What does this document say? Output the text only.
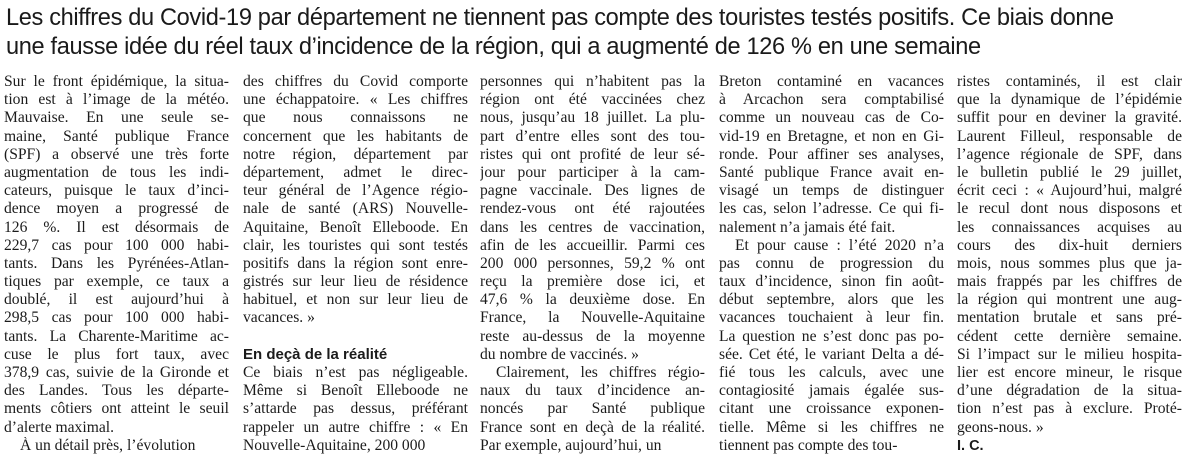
Les chiffres du Covid-19 par département ne tiennent pas compte des touristes testés positifs. Ce biais donne
une fausse idée du réel taux d’incidence de la région, qui a augmenté de 126 % en une semaine
Sur le front épidémique, la situa-
tion est à l’image de la météo.
Mauvaise. En une seule se-
maine, Santé publique France
(SPF) a observé une très forte
augmentation de tous les indi-
cateurs, puisque le taux d’inci-
dence moyen a progressé de
126 %. Il est désormais de
229,7 cas pour 100 000 habi-
tants. Dans les Pyrénées-Atlan-
tiques par exemple, ce taux a
doublé, il est aujourd’hui à
298,5 cas pour 100 000 habi-
tants. La Charente-Maritime ac-
cuse le plus fort taux, avec
378,9 cas, suivie de la Gironde et
des Landes. Tous les départe-
ments côtiers ont atteint le seuil
d’alerte maximal.
À un détail près, l’évolution
des chiffres du Covid comporte
une échappatoire. « Les chiffres
que nous connaissons ne
concernent que les habitants de
notre région, département par
département, admet le direc-
teur général de l’Agence régio-
nale de santé (ARS) Nouvelle-
Aquitaine, Benoît Elleboode. En
clair, les touristes qui sont testés
positifs dans la région sont enre-
gistrés sur leur lieu de résidence
habituel, et non sur leur lieu de
vacances. »
En deçà de la réalité
Ce biais n’est pas négligeable.
Même si Benoît Elleboode ne
s’attarde pas dessus, préférant
rappeler un autre chiffre : « En
Nouvelle-Aquitaine, 200 000
personnes qui n’habitent pas la
région ont été vaccinées chez
nous, jusqu’au 18 juillet. La plu-
part d’entre elles sont des tou-
ristes qui ont profité de leur sé-
jour pour participer à la cam-
pagne vaccinale. Des lignes de
rendez-vous ont été rajoutées
dans les centres de vaccination,
afin de les accueillir. Parmi ces
200 000 personnes, 59,2 % ont
reçu la première dose ici, et
47,6 % la deuxième dose. En
France, la Nouvelle-Aquitaine
reste au-dessus de la moyenne
du nombre de vaccinés. »
Clairement, les chiffres régio-
naux du taux d’incidence an-
noncés par Santé publique
France sont en deçà de la réalité.
Par exemple, aujourd’hui, un
Breton contaminé en vacances
à Arcachon sera comptabilisé
comme un nouveau cas de Co-
vid-19 en Bretagne, et non en Gi-
ronde. Pour affiner ses analyses,
Santé publique France avait en-
visagé un temps de distinguer
les cas, selon l’adresse. Ce qui fi-
nalement n’a jamais été fait.
Et pour cause : l’été 2020 n’a
pas connu de progression du
taux d’incidence, sinon fin août-
début septembre, alors que les
vacances touchaient à leur fin.
La question ne s’est donc pas po-
sée. Cet été, le variant Delta a dé-
fié tous les calculs, avec une
contagiosité jamais égalée sus-
citant une croissance exponen-
tielle. Même si les chiffres ne
tiennent pas compte des tou-
ristes contaminés, il est clair
que la dynamique de l’épidémie
suffit pour en deviner la gravité.
Laurent Filleul, responsable de
l’agence régionale de SPF, dans
le bulletin publié le 29 juillet,
écrit ceci : « Aujourd’hui, malgré
le recul dont nous disposons et
les connaissances acquises au
cours des dix-huit derniers
mois, nous sommes plus que ja-
mais frappés par les chiffres de
la région qui montrent une aug-
mentation brutale et sans pré-
cédent cette dernière semaine.
Si l’impact sur le milieu hospita-
lier est encore mineur, le risque
d’une dégradation de la situa-
tion n’est pas à exclure. Proté-
geons-nous. »
I. C.
